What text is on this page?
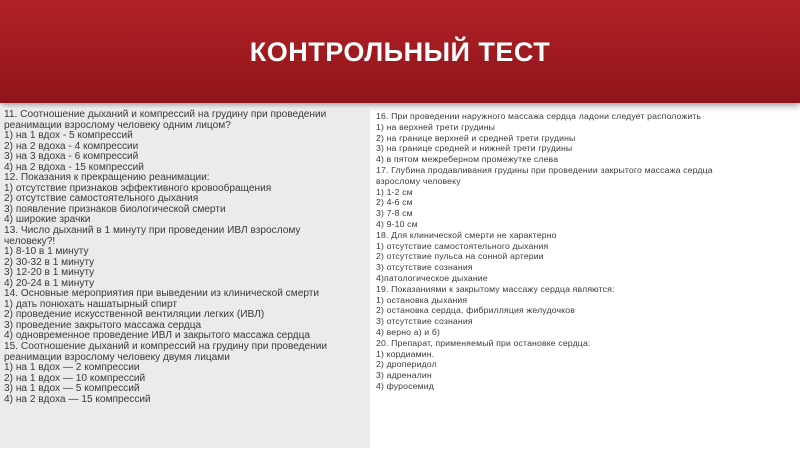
КОНТРОЛЬНЫЙ ТЕСТ
11. Соотношение дыханий и компрессий на грудину при проведении
реанимации взрослому человеку одним лицом?
1) на 1 вдох - 5 компрессий
2) на 2 вдоха - 4 компрессии
3) на 3 вдоха - 6 компрессий
4) на 2 вдоха - 15 компрессий
12. Показания к прекращению реанимации:
1) отсутствие признаков эффективного кровообращения
2) отсутствие самостоятельного дыхания
3) появление признаков биологической смерти
4) широкие зрачки
13. Число дыханий в 1 минуту при проведении ИВЛ взрослому
человеку?!
1) 8-10 в 1 минуту
2) 30-32 в 1 минуту
3) 12-20 в 1 минуту
4) 20-24 в 1 минуту
14. Основные мероприятия при выведении из клинической смерти
1) дать понюхать нашатырный спирт
2) проведение искусственной вентиляции легких (ИВЛ)
3) проведение закрытого массажа сердца
4) одновременное проведение ИВЛ и закрытого массажа сердца
15. Соотношение дыханий и компрессий на грудину при проведении
реанимации взрослому человеку двумя лицами
1) на 1 вдох — 2 компрессии
2) на 1 вдох — 10 компрессий
3) на 1 вдох — 5 компрессий
4) на 2 вдоха — 15 компрессий
16. При проведении наружного массажа сердца ладони следует расположить
1) на верхней трети грудины
2) на границе верхней и средней трети грудины
3) на границе средней и нижней трети грудины
4) в пятом межреберном промежутке слева
17. Глубина продавливания грудины при проведении закрытого массажа сердца
взрослому человеку
1) 1-2 см
2) 4-6 см
3) 7-8 см
4) 9-10 см
18. Для клинической смерти не характерно
1) отсутствие самостоятельного дыхания
2) отсутствие пульса на сонной артерии
3) отсутствие сознания
4)патологическое дыхание
19. Показаниями к закрытому массажу сердца являются:
1) остановка дыхания
2) остановка сердца, фибрилляция желудочков
3) отсутствие сознания
4) верно а) и б)
20. Препарат, применяемый при остановке сердца:
1) кордиамин.
2) дроперидол
3) адреналин
4) фуросемид
